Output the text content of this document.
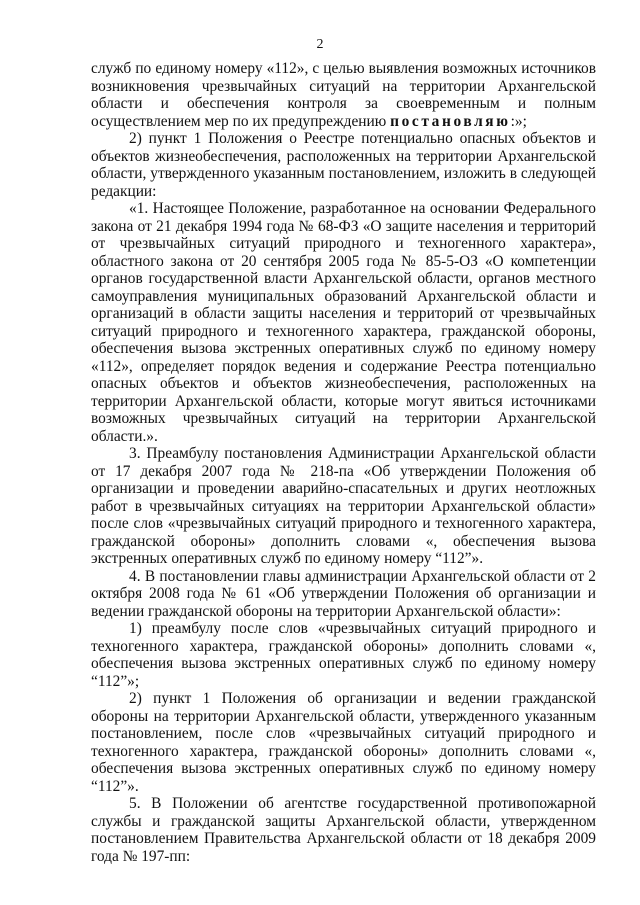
2

служб по единому номеру «112», с целью выявления возможных источников возникновения чрезвычайных ситуаций на территории Архангельской области и обеспечения контроля за своевременным и полным осуществлением мер по их предупреждению постановляю:»;

2) пункт 1 Положения о Реестре потенциально опасных объектов и объектов жизнеобеспечения, расположенных на территории Архангельской области, утвержденного указанным постановлением, изложить в следующей редакции:

«1. Настоящее Положение, разработанное на основании Федерального закона от 21 декабря 1994 года № 68-ФЗ «О защите населения и территорий от чрезвычайных ситуаций природного и техногенного характера», областного закона от 20 сентября 2005 года № 85-5-ОЗ «О компетенции органов государственной власти Архангельской области, органов местного самоуправления муниципальных образований Архангельской области и организаций в области защиты населения и территорий от чрезвычайных ситуаций природного и техногенного характера, гражданской обороны, обеспечения вызова экстренных оперативных служб по единому номеру «112», определяет порядок ведения и содержание Реестра потенциально опасных объектов и объектов жизнеобеспечения, расположенных на территории Архангельской области, которые могут явиться источниками возможных чрезвычайных ситуаций на территории Архангельской области.».

3. Преамбулу постановления Администрации Архангельской области от 17 декабря 2007 года № 218-па «Об утверждении Положения об организации и проведении аварийно-спасательных и других неотложных работ в чрезвычайных ситуациях на территории Архангельской области» после слов «чрезвычайных ситуаций природного и техногенного характера, гражданской обороны» дополнить словами «, обеспечения вызова экстренных оперативных служб по единому номеру “112”».

4. В постановлении главы администрации Архангельской области от 2 октября 2008 года № 61 «Об утверждении Положения об организации и ведении гражданской обороны на территории Архангельской области»:

1) преамбулу после слов «чрезвычайных ситуаций природного и техногенного характера, гражданской обороны» дополнить словами «, обеспечения вызова экстренных оперативных служб по единому номеру “112”»;

2) пункт 1 Положения об организации и ведении гражданской обороны на территории Архангельской области, утвержденного указанным постановлением, после слов «чрезвычайных ситуаций природного и техногенного характера, гражданской обороны» дополнить словами «, обеспечения вызова экстренных оперативных служб по единому номеру “112”».

5. В Положении об агентстве государственной противопожарной службы и гражданской защиты Архангельской области, утвержденном постановлением Правительства Архангельской области от 18 декабря 2009 года № 197-пп:
